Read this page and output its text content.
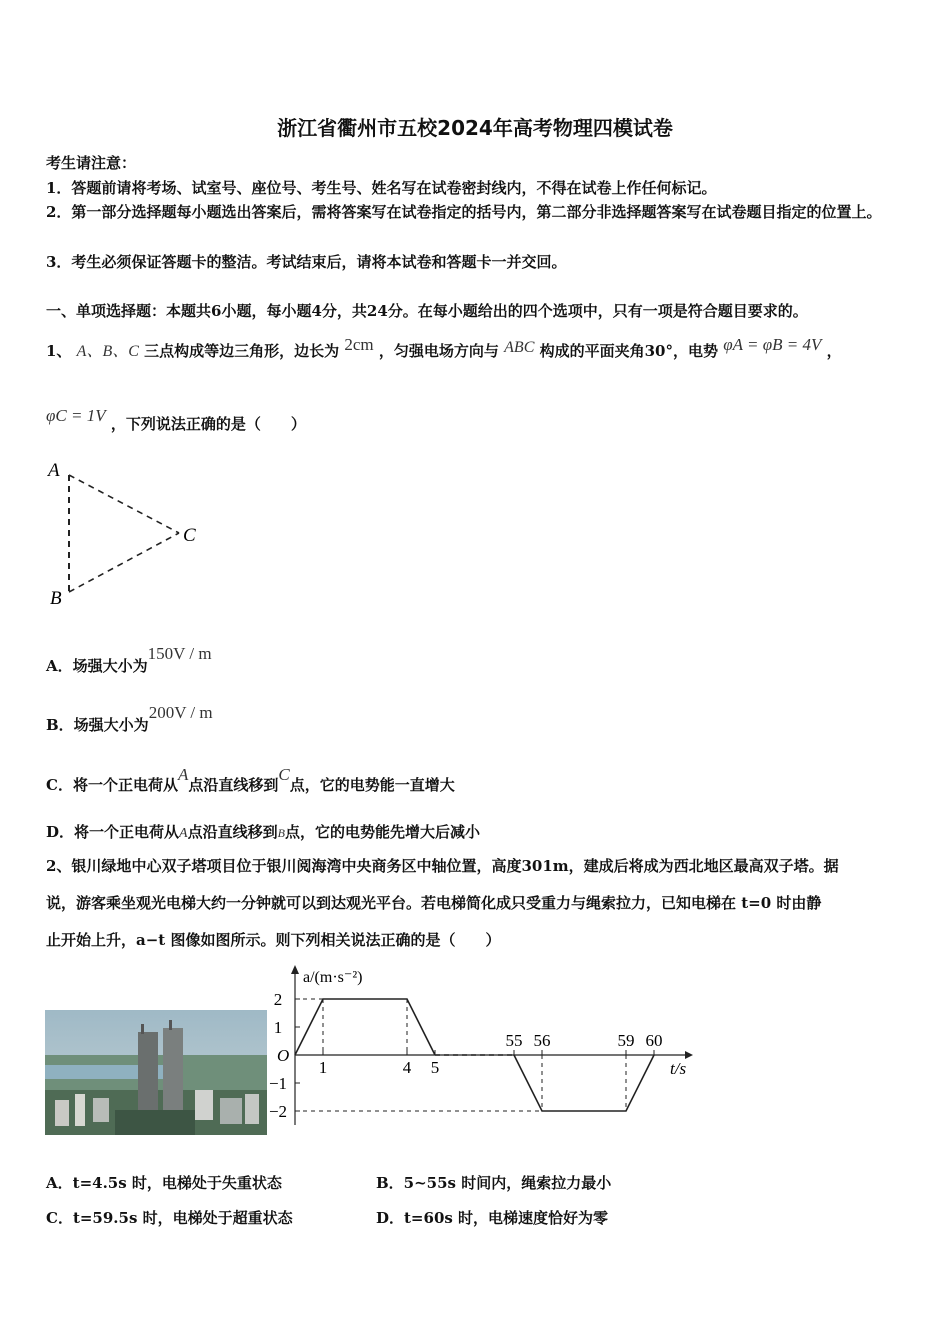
浙江省衢州市五校2024年高考物理四模试卷
考生请注意：
1．答题前请将考场、试室号、座位号、考生号、姓名写在试卷密封线内，不得在试卷上作任何标记。
2．第一部分选择题每小题选出答案后，需将答案写在试卷指定的括号内，第二部分非选择题答案写在试卷题目指定的位置上。
3．考生必须保证答题卡的整洁。考试结束后，请将本试卷和答题卡一并交回。
一、单项选择题：本题共6小题，每小题4分，共24分。在每小题给出的四个选项中，只有一项是符合题目要求的。
1、 A、B、C 三点构成等边三角形，边长为 2cm ，匀强电场方向与 ABC 构成的平面夹角30°，电势 φA = φB = 4V ，
φC = 1V ，下列说法正确的是（　　）
A
B
C
A．场强大小为150V / m
B．场强大小为200V / m
C．将一个正电荷从A点沿直线移到C点，它的电势能一直增大
D．将一个正电荷从A点沿直线移到B点，它的电势能先增大后减小
2、银川绿地中心双子塔项目位于银川阅海湾中央商务区中轴位置，高度301m，建成后将成为西北地区最高双子塔。据
说，游客乘坐观光电梯大约一分钟就可以到达观光平台。若电梯简化成只受重力与绳索拉力，已知电梯在 t=0 时由静
止开始上升，a−t 图像如图所示。则下列相关说法正确的是（　　）
a/(m·s⁻²)
t/s
O
2
1
−1
−2
1	4 5
55 56	59 60
A．t=4.5s 时，电梯处于失重状态	B．5~55s 时间内，绳索拉力最小
C．t=59.5s 时，电梯处于超重状态	D．t=60s 时，电梯速度恰好为零
